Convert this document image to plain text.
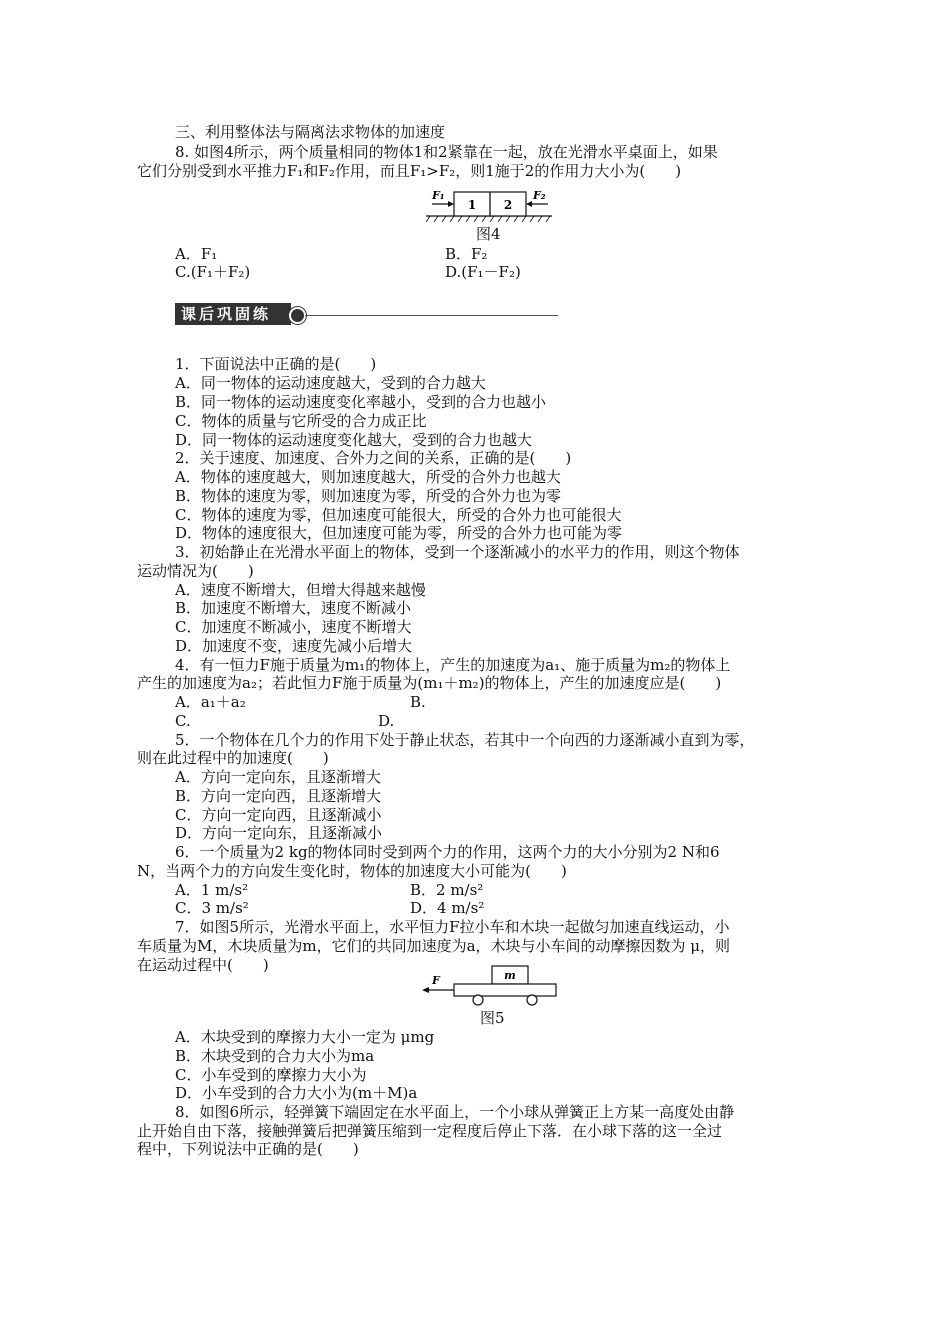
三、利用整体法与隔离法求物体的加速度
8. 如图4所示，两个质量相同的物体1和2紧靠在一起，放在光滑水平桌面上，如果
它们分别受到水平推力F₁和F₂作用，而且F₁>F₂，则1施于2的作用力大小为(　　)
1 2
F₁	F₂
图4
A．F₁	B．F₂
C.(F₁＋F₂)	D.(F₁－F₂)
课后巩固练
1．下面说法中正确的是(　　)
A．同一物体的运动速度越大，受到的合力越大
B．同一物体的运动速度变化率越小，受到的合力也越小
C．物体的质量与它所受的合力成正比
D．同一物体的运动速度变化越大，受到的合力也越大
2．关于速度、加速度、合外力之间的关系，正确的是(　　)
A．物体的速度越大，则加速度越大，所受的合外力也越大
B．物体的速度为零，则加速度为零，所受的合外力也为零
C．物体的速度为零，但加速度可能很大，所受的合外力也可能很大
D．物体的速度很大，但加速度可能为零，所受的合外力也可能为零
3．初始静止在光滑水平面上的物体，受到一个逐渐减小的水平力的作用，则这个物体
运动情况为(　　)
A．速度不断增大，但增大得越来越慢
B．加速度不断增大，速度不断减小
C．加速度不断减小，速度不断增大
D．加速度不变，速度先减小后增大
4．有一恒力F施于质量为m₁的物体上，产生的加速度为a₁、施于质量为m₂的物体上
产生的加速度为a₂；若此恒力F施于质量为(m₁＋m₂)的物体上，产生的加速度应是(　　)
A．a₁＋a₂	B.
C.	D.
5．一个物体在几个力的作用下处于静止状态，若其中一个向西的力逐渐减小直到为零，
则在此过程中的加速度(　　)
A．方向一定向东，且逐渐增大
B．方向一定向西，且逐渐增大
C．方向一定向西，且逐渐减小
D．方向一定向东，且逐渐减小
6．一个质量为2 kg的物体同时受到两个力的作用，这两个力的大小分别为2 N和6
N，当两个力的方向发生变化时，物体的加速度大小可能为(　　)
A．1 m/s²	B．2 m/s²
C．3 m/s²	D．4 m/s²
7．如图5所示，光滑水平面上，水平恒力F拉小车和木块一起做匀加速直线运动，小
车质量为M，木块质量为m，它们的共同加速度为a，木块与小车间的动摩擦因数为 μ，则
在运动过程中(　　)
m
F
图5
A．木块受到的摩擦力大小一定为 μmg
B．木块受到的合力大小为ma
C．小车受到的摩擦力大小为
D．小车受到的合力大小为(m＋M)a
8．如图6所示，轻弹簧下端固定在水平面上，一个小球从弹簧正上方某一高度处由静
止开始自由下落，接触弹簧后把弹簧压缩到一定程度后停止下落．在小球下落的这一全过
程中，下列说法中正确的是(　　)
